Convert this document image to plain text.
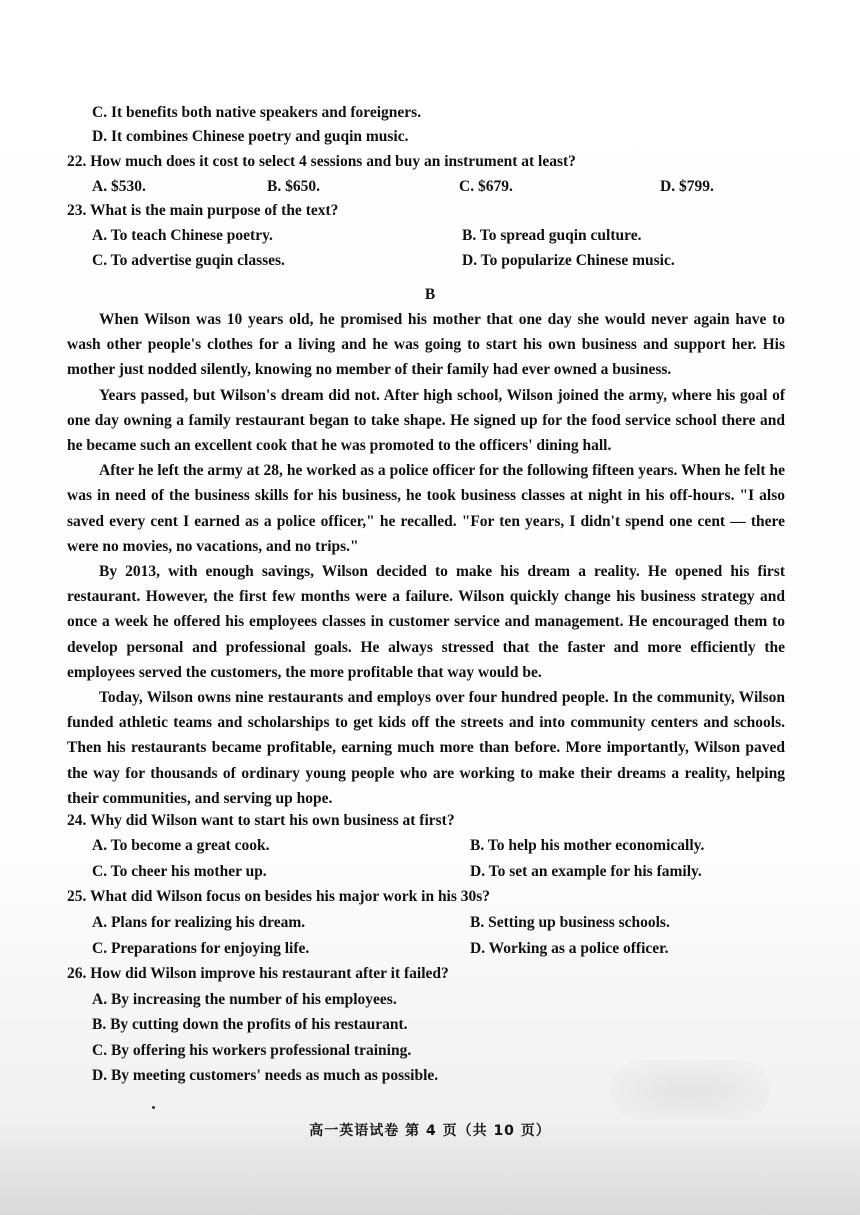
C. It benefits both native speakers and foreigners.
D. It combines Chinese poetry and guqin music.
22. How much does it cost to select 4 sessions and buy an instrument at least?
A. $530.	B. $650.	C. $679.	D. $799.
23. What is the main purpose of the text?
A. To teach Chinese poetry.	B. To spread guqin culture.
C. To advertise guqin classes.	D. To popularize Chinese music.
B
When Wilson was 10 years old, he promised his mother that one day she would never again have to wash other people's clothes for a living and he was going to start his own business and support her. His mother just nodded silently, knowing no member of their family had ever owned a business.
Years passed, but Wilson's dream did not. After high school, Wilson joined the army, where his goal of one day owning a family restaurant began to take shape. He signed up for the food service school there and he became such an excellent cook that he was promoted to the officers' dining hall.
After he left the army at 28, he worked as a police officer for the following fifteen years. When he felt he was in need of the business skills for his business, he took business classes at night in his off-hours. "I also saved every cent I earned as a police officer," he recalled. "For ten years, I didn't spend one cent — there were no movies, no vacations, and no trips."
By 2013, with enough savings, Wilson decided to make his dream a reality. He opened his first restaurant. However, the first few months were a failure. Wilson quickly change his business strategy and once a week he offered his employees classes in customer service and management. He encouraged them to develop personal and professional goals. He always stressed that the faster and more efficiently the employees served the customers, the more profitable that way would be.
Today, Wilson owns nine restaurants and employs over four hundred people. In the community, Wilson funded athletic teams and scholarships to get kids off the streets and into community centers and schools. Then his restaurants became profitable, earning much more than before. More importantly, Wilson paved the way for thousands of ordinary young people who are working to make their dreams a reality, helping their communities, and serving up hope.
24. Why did Wilson want to start his own business at first?
A. To become a great cook.	B. To help his mother economically.
C. To cheer his mother up.	D. To set an example for his family.
25. What did Wilson focus on besides his major work in his 30s?
A. Plans for realizing his dream.	B. Setting up business schools.
C. Preparations for enjoying life.	D. Working as a police officer.
26. How did Wilson improve his restaurant after it failed?
A. By increasing the number of his employees.
B. By cutting down the profits of his restaurant.
C. By offering his workers professional training.
D. By meeting customers' needs as much as possible.
高一英语试卷 第 4 页（共 10 页）
